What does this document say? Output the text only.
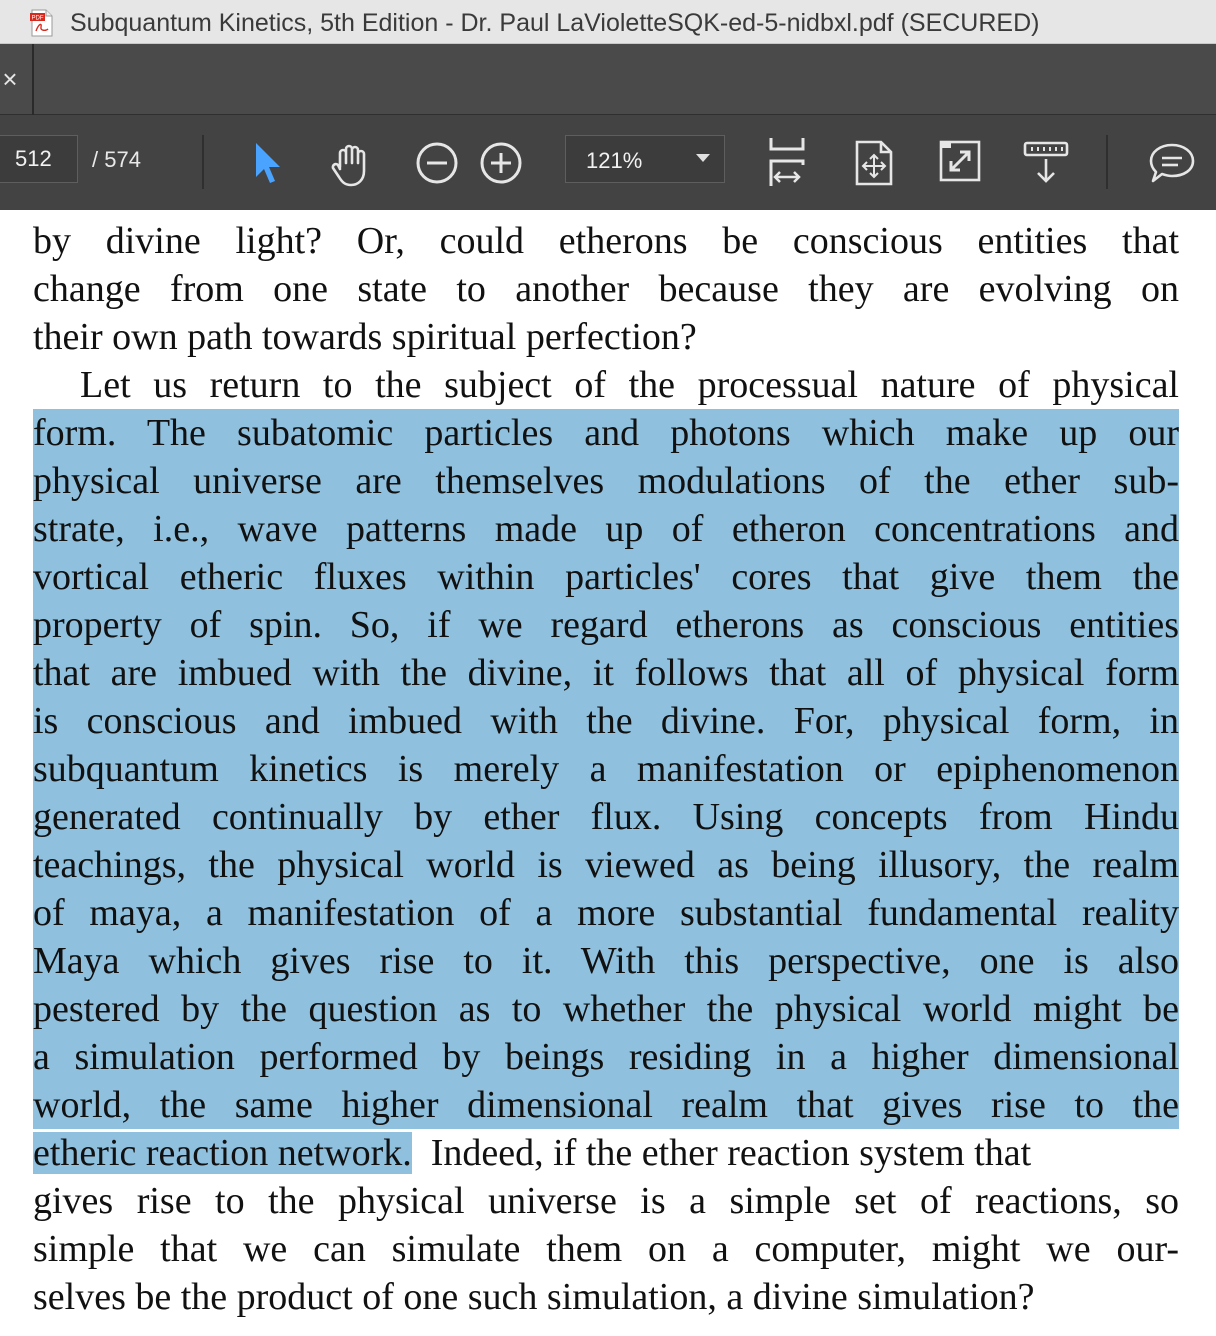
PDF Subquantum Kinetics, 5th Edition - Dr. Paul LaVioletteSQK-ed-5-nidbxl.pdf (SECURED)
×
512
/ 574	121%
by divine light? Or, could etherons be conscious entities that
change from one state to another because they are evolving on
their own path towards spiritual perfection?
Let us return to the subject of the processual nature of physical
form. The subatomic particles and photons which make up our
physical universe are themselves modulations of the ether sub-
strate, i.e., wave patterns made up of etheron concentrations and
vortical etheric fluxes within particles' cores that give them the
property of spin. So, if we regard etherons as conscious entities
that are imbued with the divine, it follows that all of physical form
is conscious and imbued with the divine. For, physical form, in
subquantum kinetics is merely a manifestation or epiphenomenon
generated continually by ether flux. Using concepts from Hindu
teachings, the physical world is viewed as being illusory, the realm
of maya, a manifestation of a more substantial fundamental reality
Maya which gives rise to it. With this perspective, one is also
pestered by the question as to whether the physical world might be
a simulation performed by beings residing in a higher dimensional
world, the same higher dimensional realm that gives rise to the
etheric reaction network.  Indeed, if the ether reaction system that
gives rise to the physical universe is a simple set of reactions, so
simple that we can simulate them on a computer, might we our-
selves be the product of one such simulation, a divine simulation?
